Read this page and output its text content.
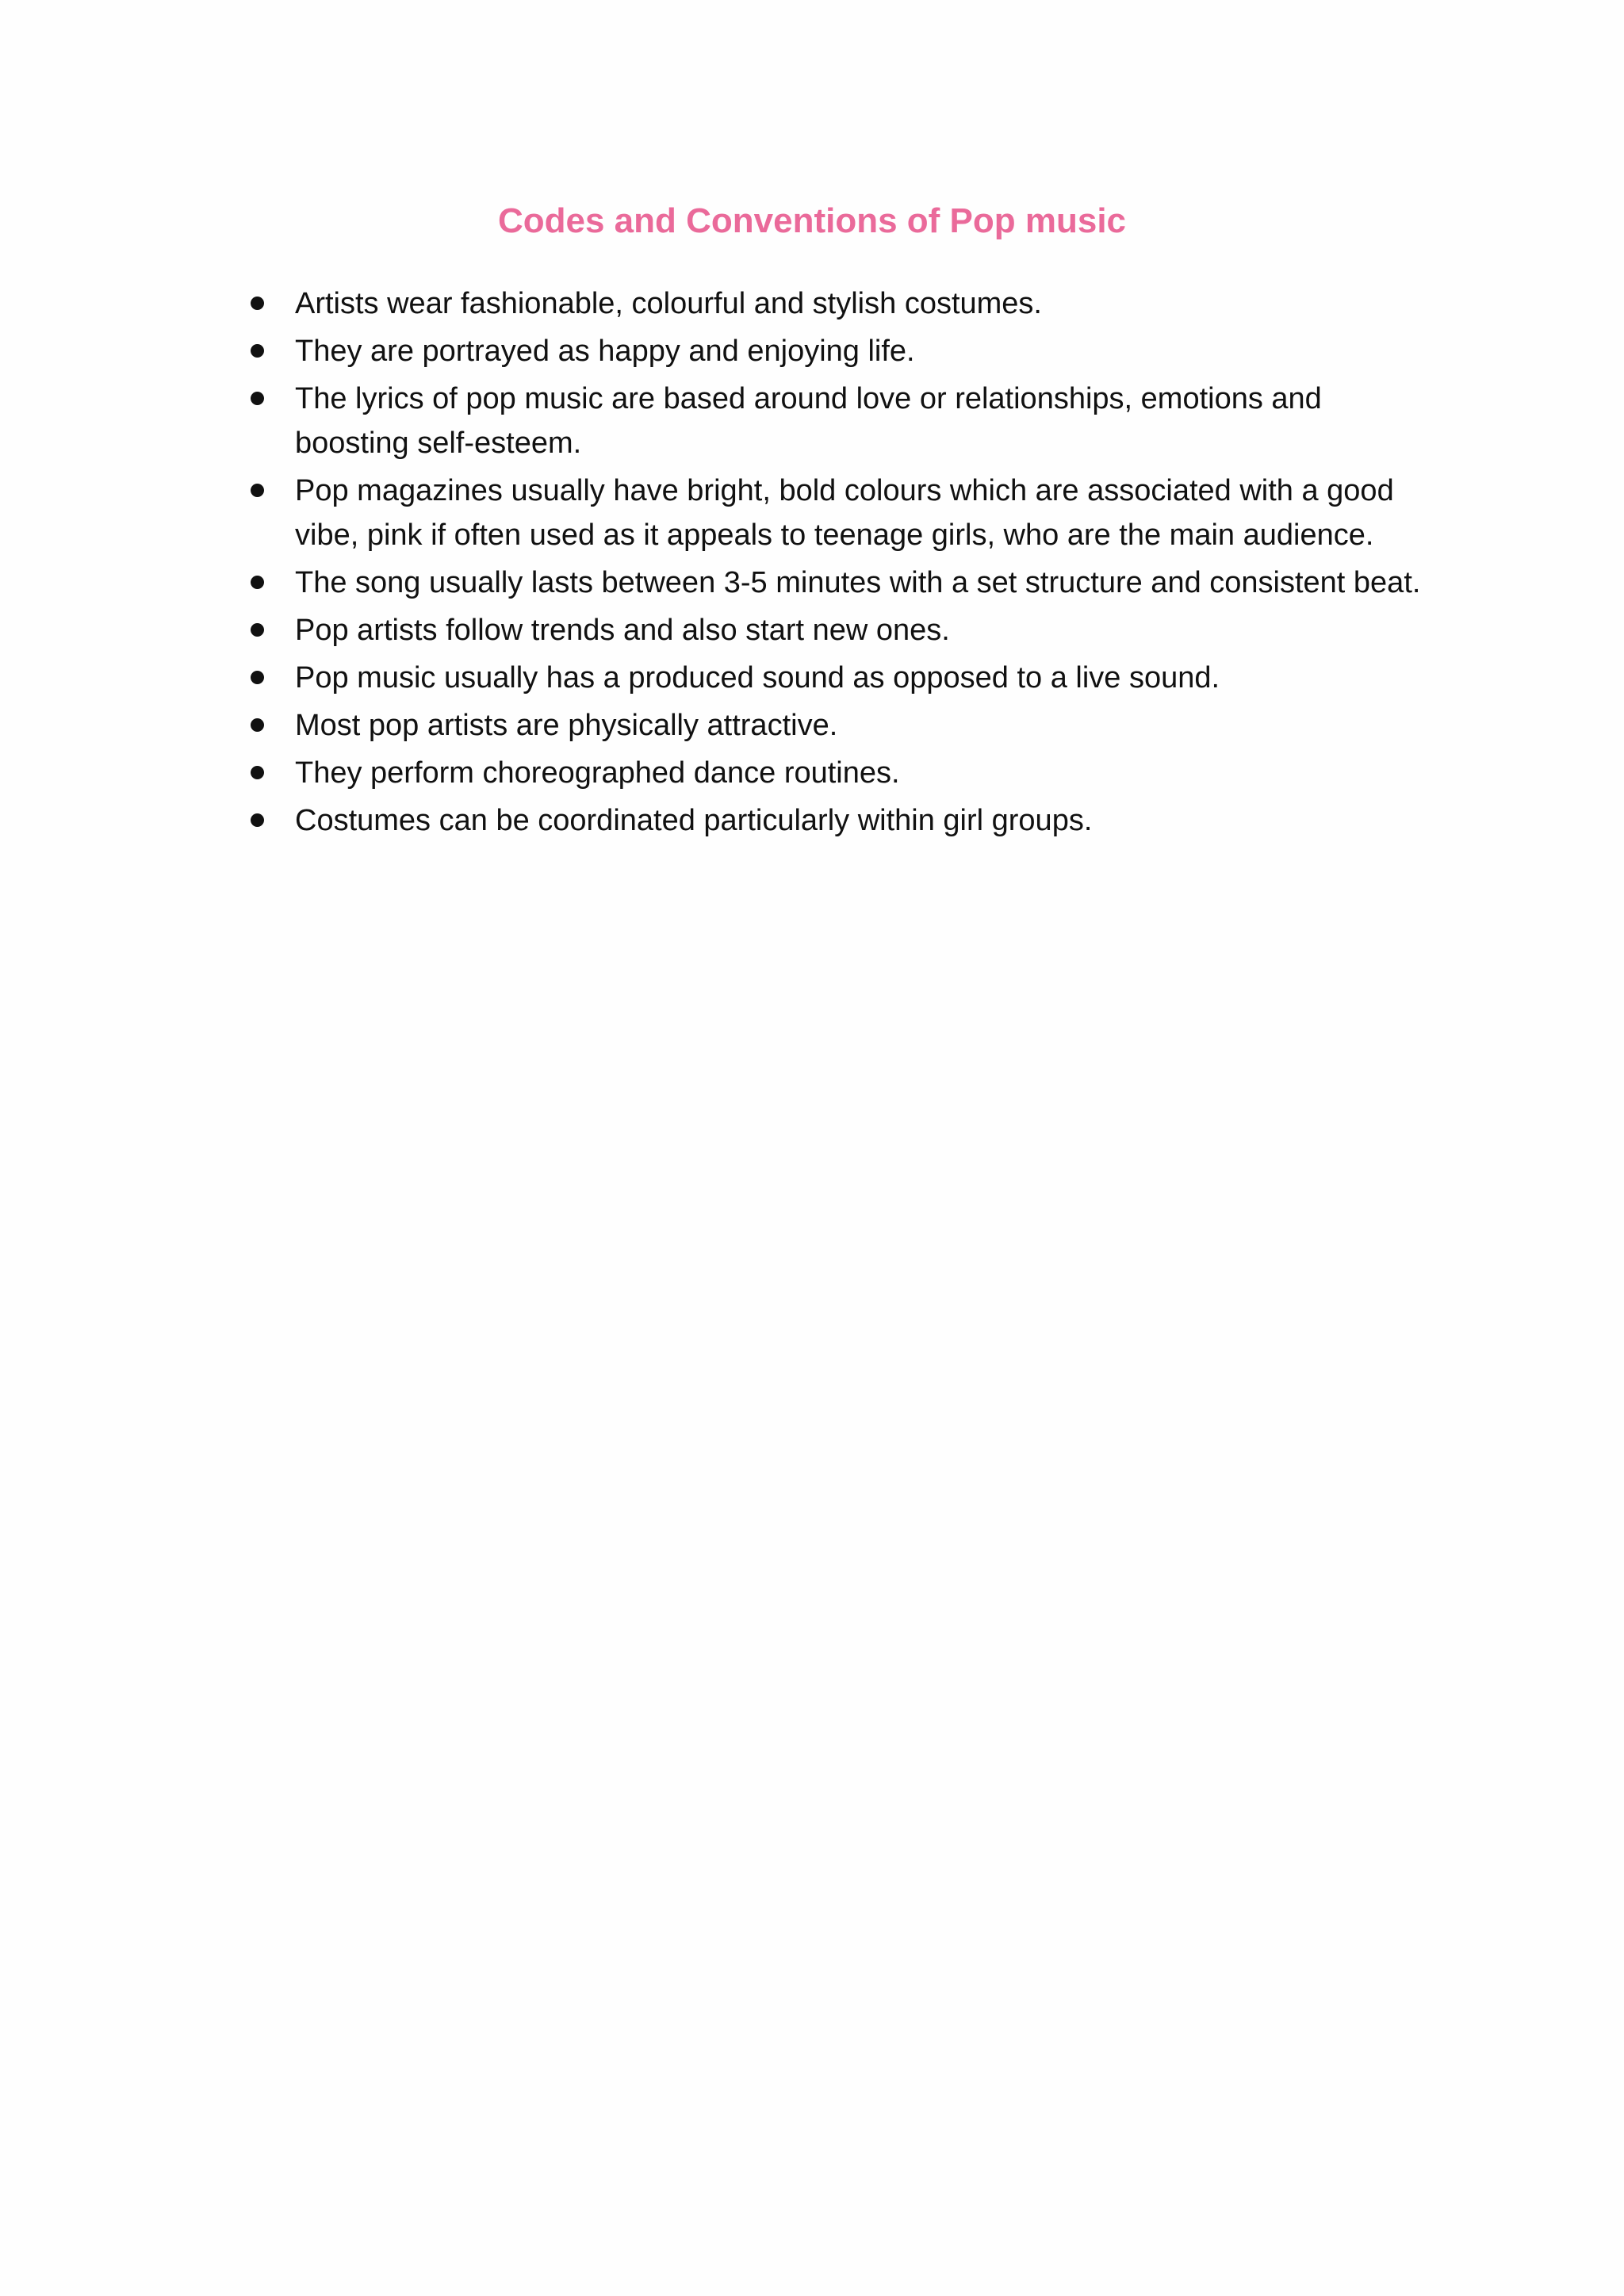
Codes and Conventions of Pop music
Artists wear fashionable, colourful and stylish costumes.
They are portrayed as happy and enjoying life.
The lyrics of pop music are based around love or relationships, emotions and boosting self-esteem.
Pop magazines usually have bright, bold colours which are associated with a good vibe, pink if often used as it appeals to teenage girls, who are the main audience.
The song usually lasts between 3-5 minutes with a set structure and consistent beat.
Pop artists follow trends and also start new ones.
Pop music usually has a produced sound as opposed to a live sound.
Most pop artists are physically attractive.
They perform choreographed dance routines.
Costumes can be coordinated particularly within girl groups.
